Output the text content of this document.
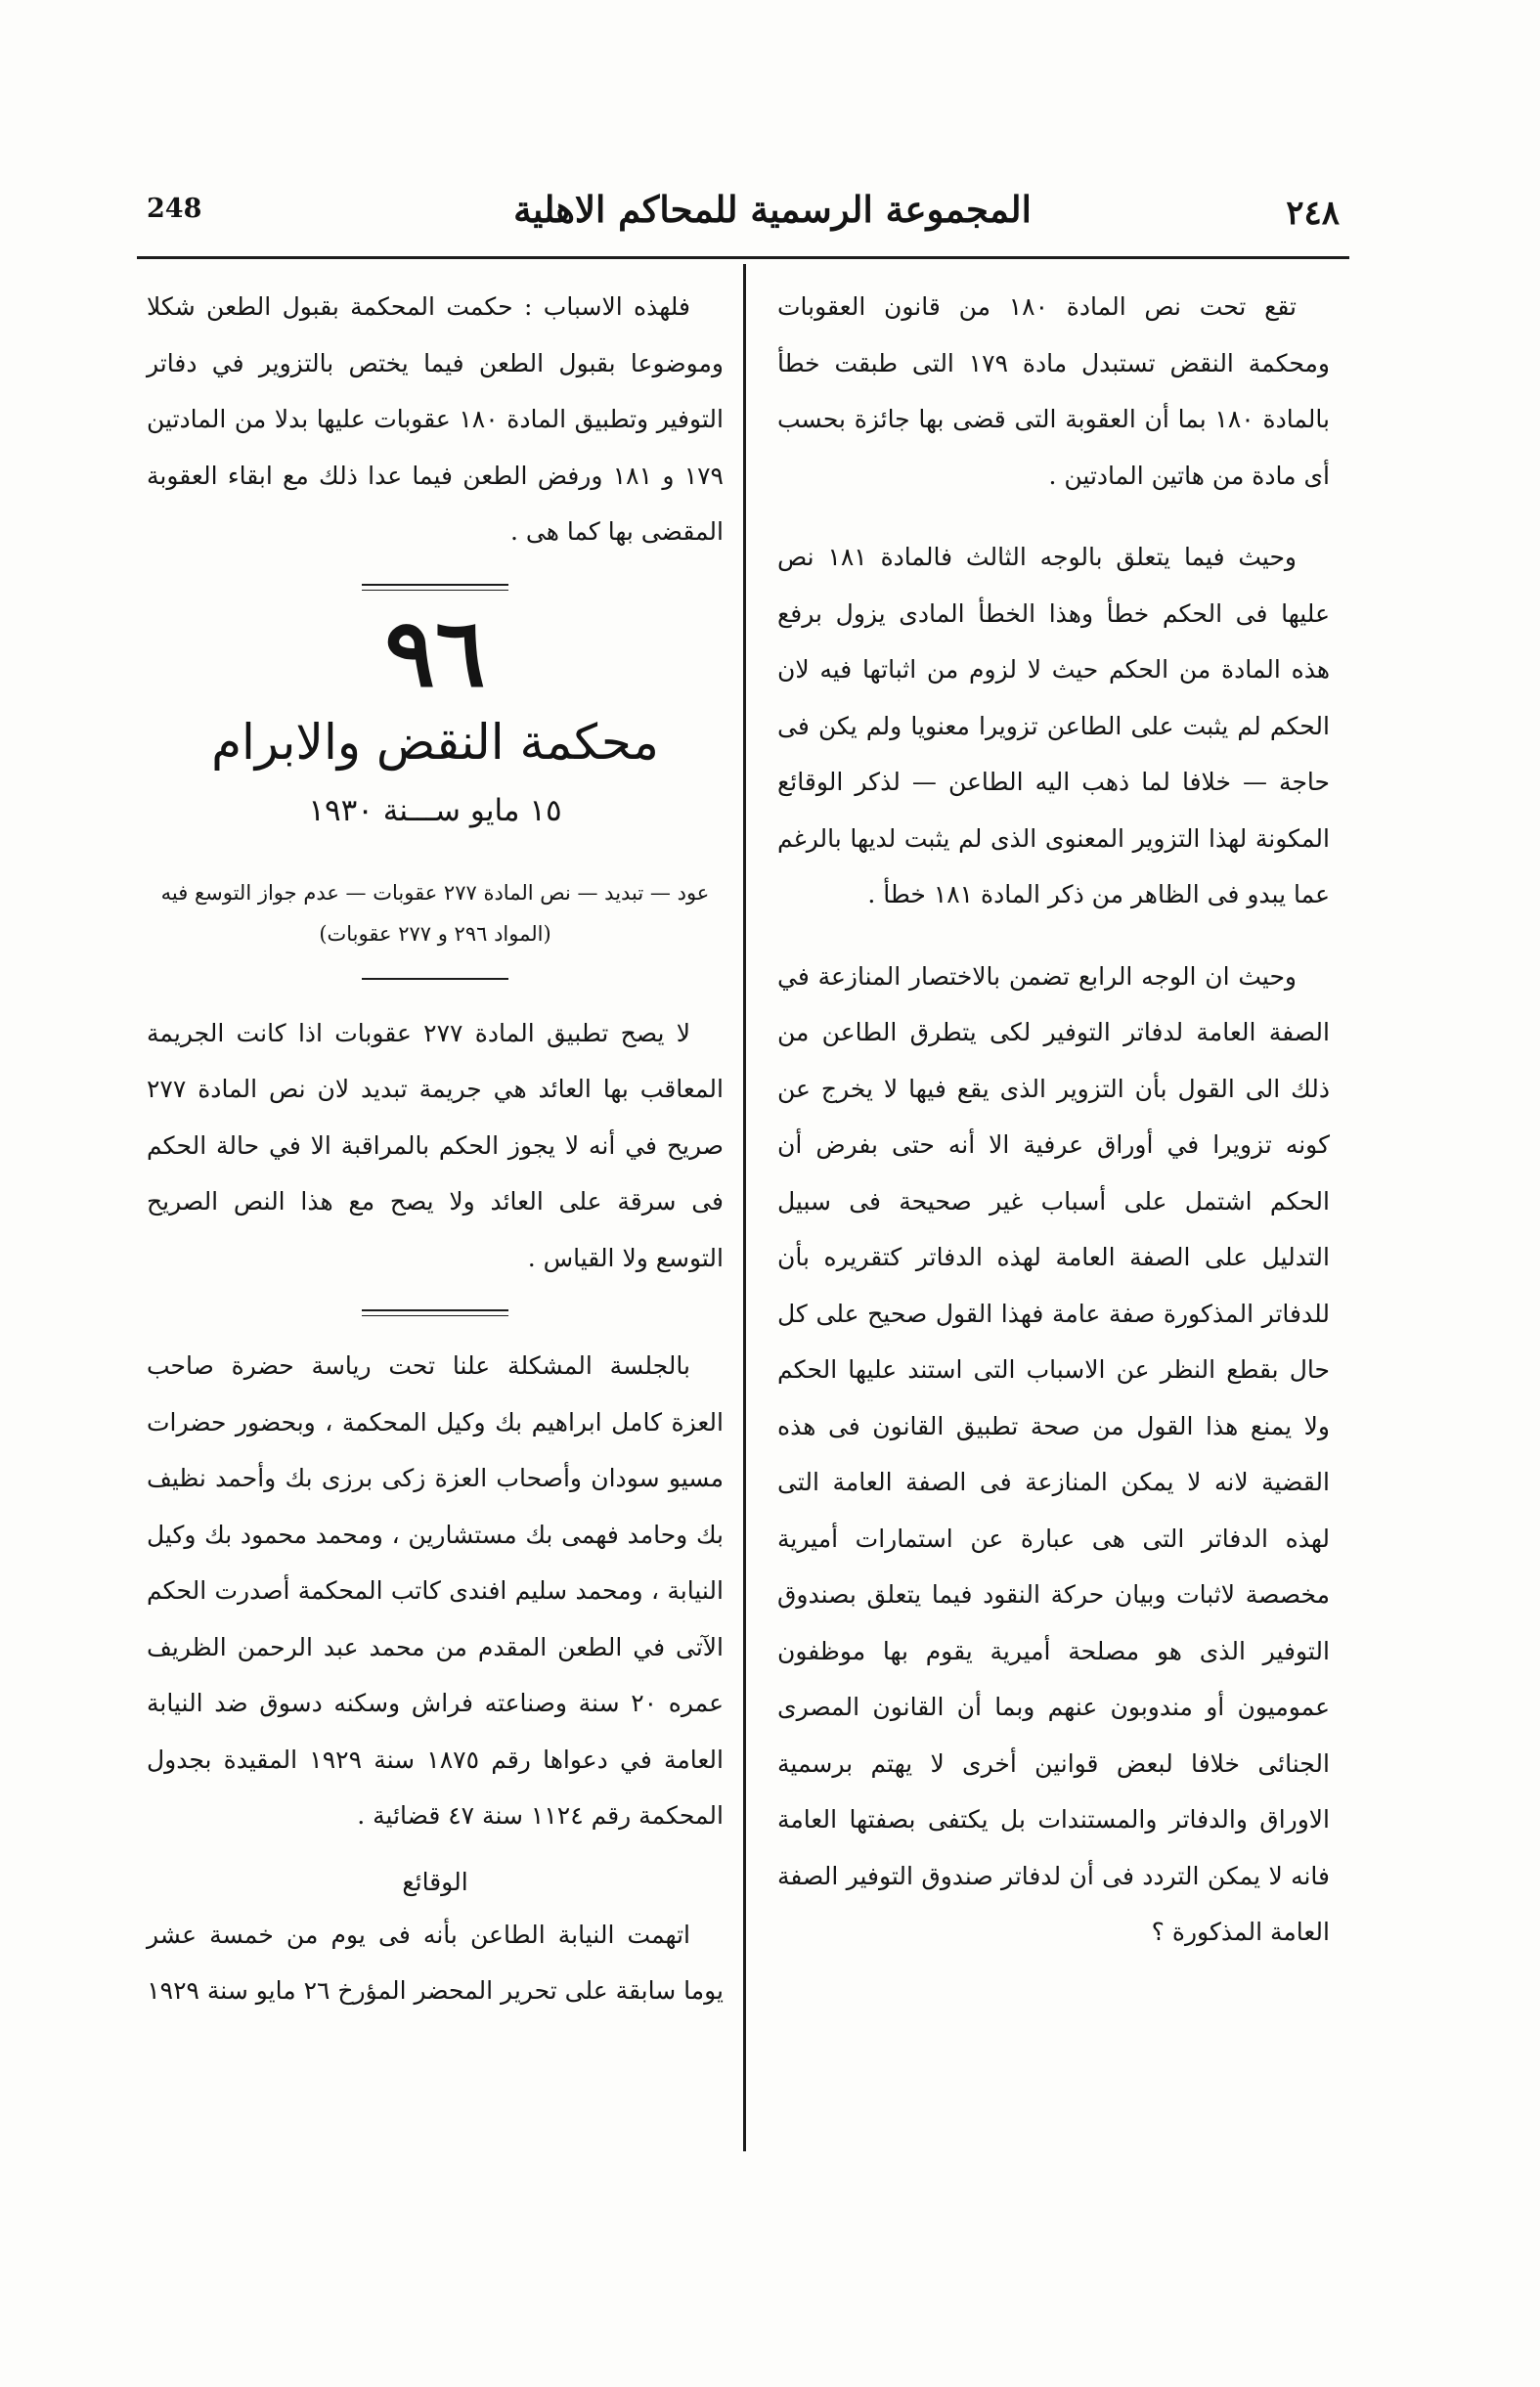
248	المجموعة الرسمية للمحاكم الاهلية	٢٤٨

تقع تحت نص المادة ١٨٠ من قانون العقوبات ومحكمة النقض تستبدل مادة ١٧٩ التى طبقت خطأ بالمادة ١٨٠ بما أن العقوبة التى قضى بها جائزة بحسب أى مادة من هاتين المادتين .

وحيث فيما يتعلق بالوجه الثالث فالمادة ١٨١ نص عليها فى الحكم خطأ وهذا الخطأ المادى يزول برفع هذه المادة من الحكم حيث لا لزوم من اثباتها فيه لان الحكم لم يثبت على الطاعن تزويرا معنويا ولم يكن فى حاجة — خلافا لما ذهب اليه الطاعن — لذكر الوقائع المكونة لهذا التزوير المعنوى الذى لم يثبت لديها بالرغم عما يبدو فى الظاهر من ذكر المادة ١٨١ خطأ .

وحيث ان الوجه الرابع تضمن بالاختصار المنازعة في الصفة العامة لدفاتر التوفير لكى يتطرق الطاعن من ذلك الى القول بأن التزوير الذى يقع فيها لا يخرج عن كونه تزويرا في أوراق عرفية الا أنه حتى بفرض أن الحكم اشتمل على أسباب غير صحيحة فى سبيل التدليل على الصفة العامة لهذه الدفاتر كتقريره بأن للدفاتر المذكورة صفة عامة فهذا القول صحيح على كل حال بقطع النظر عن الاسباب التى استند عليها الحكم ولا يمنع هذا القول من صحة تطبيق القانون فى هذه القضية لانه لا يمكن المنازعة فى الصفة العامة التى لهذه الدفاتر التى هى عبارة عن استمارات أميرية مخصصة لاثبات وبيان حركة النقود فيما يتعلق بصندوق التوفير الذى هو مصلحة أميرية يقوم بها موظفون عموميون أو مندوبون عنهم وبما أن القانون المصرى الجنائى خلافا لبعض قوانين أخرى لا يهتم برسمية الاوراق والدفاتر والمستندات بل يكتفى بصفتها العامة فانه لا يمكن التردد فى أن لدفاتر صندوق التوفير الصفة العامة المذكورة ؟

فلهذه الاسباب : حكمت المحكمة بقبول الطعن شكلا وموضوعا بقبول الطعن فيما يختص بالتزوير في دفاتر التوفير وتطبيق المادة ١٨٠ عقوبات عليها بدلا من المادتين ١٧٩ و ١٨١ ورفض الطعن فيما عدا ذلك مع ابقاء العقوبة المقضى بها كما هى .

٩٦
محكمة النقض والابرام
١٥ مايو ســـنة ١٩٣٠
عود — تبديد — نص المادة ٢٧٧ عقوبات — عدم جواز التوسع فيه
(المواد ٢٩٦ و ٢٧٧ عقوبات)

لا يصح تطبيق المادة ٢٧٧ عقوبات اذا كانت الجريمة المعاقب بها العائد هي جريمة تبديد لان نص المادة ٢٧٧ صريح في أنه لا يجوز الحكم بالمراقبة الا في حالة الحكم فى سرقة على العائد ولا يصح مع هذا النص الصريح التوسع ولا القياس .

بالجلسة المشكلة علنا تحت رياسة حضرة صاحب العزة كامل ابراهيم بك وكيل المحكمة ، وبحضور حضرات مسيو سودان وأصحاب العزة زكى برزى بك وأحمد نظيف بك وحامد فهمى بك مستشارين ، ومحمد محمود بك وكيل النيابة ، ومحمد سليم افندى كاتب المحكمة أصدرت الحكم الآتى في الطعن المقدم من محمد عبد الرحمن الظريف عمره ٢٠ سنة وصناعته فراش وسكنه دسوق ضد النيابة العامة في دعواها رقم ١٨٧٥ سنة ١٩٢٩ المقيدة بجدول المحكمة رقم ١١٢٤ سنة ٤٧ قضائية .

الوقائع

اتهمت النيابة الطاعن بأنه فى يوم من خمسة عشر يوما سابقة على تحرير المحضر المؤرخ ٢٦ مايو سنة ١٩٢٩
